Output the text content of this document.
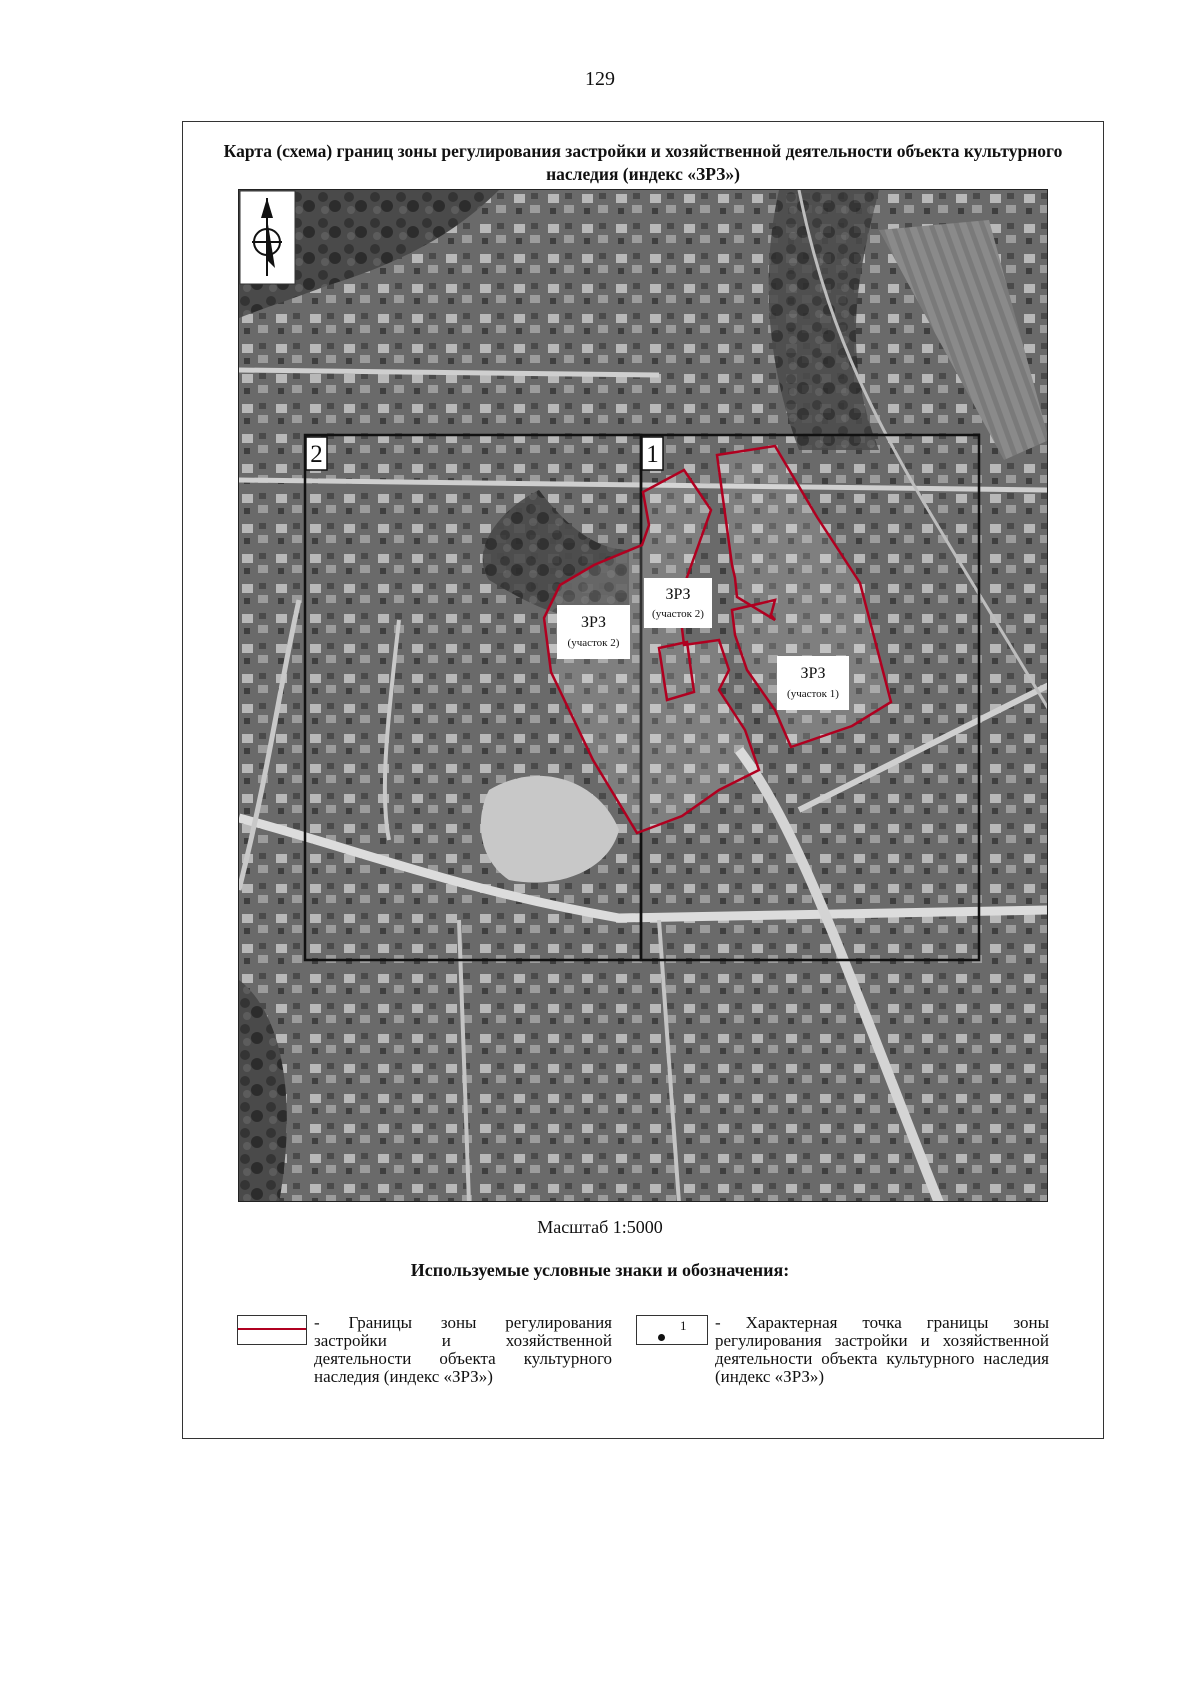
129
Карта (схема) границ зоны регулирования застройки и хозяйственной деятельности объекта культурного наследия (индекс «ЗРЗ»)
2	1
ЗРЗ
(участок 2)
ЗРЗ
(участок 2)
ЗРЗ
(участок 1)
Масштаб 1:5000
Используемые условные знаки и обозначения:
- Границы зоны регулирования застройки и хозяйственной деятельности объекта культурного наследия (индекс «ЗРЗ»)
1 - Характерная точка границы зоны регулирования застройки и хозяйственной деятельности объекта культурного наследия (индекс «ЗРЗ»)
